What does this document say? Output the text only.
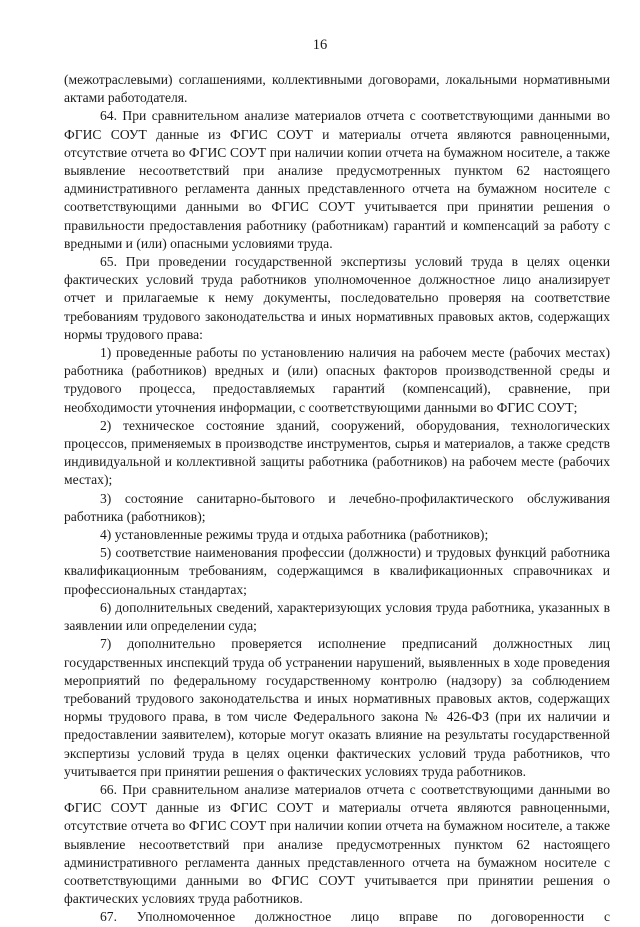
16

(межотраслевыми) соглашениями, коллективными договорами, локальными нормативными актами работодателя.

64. При сравнительном анализе материалов отчета с соответствующими данными во ФГИС СОУТ данные из ФГИС СОУТ и материалы отчета являются равноценными, отсутствие отчета во ФГИС СОУТ при наличии копии отчета на бумажном носителе, а также выявление несоответствий при анализе предусмотренных пунктом 62 настоящего административного регламента данных представленного отчета на бумажном носителе с соответствующими данными во ФГИС СОУТ учитывается при принятии решения о правильности предоставления работнику (работникам) гарантий и компенсаций за работу с вредными и (или) опасными условиями труда.

65. При проведении государственной экспертизы условий труда в целях оценки фактических условий труда работников уполномоченное должностное лицо анализирует отчет и прилагаемые к нему документы, последовательно проверяя на соответствие требованиям трудового законодательства и иных нормативных правовых актов, содержащих нормы трудового права:

1) проведенные работы по установлению наличия на рабочем месте (рабочих местах) работника (работников) вредных и (или) опасных факторов производственной среды и трудового процесса, предоставляемых гарантий (компенсаций), сравнение, при необходимости уточнения информации, с соответствующими данными во ФГИС СОУТ;

2) техническое состояние зданий, сооружений, оборудования, технологических процессов, применяемых в производстве инструментов, сырья и материалов, а также средств индивидуальной и коллективной защиты работника (работников) на рабочем месте (рабочих местах);

3) состояние санитарно-бытового и лечебно-профилактического обслуживания работника (работников);

4) установленные режимы труда и отдыха работника (работников);

5) соответствие наименования профессии (должности) и трудовых функций работника квалификационным требованиям, содержащимся в квалификационных справочниках и профессиональных стандартах;

6) дополнительных сведений, характеризующих условия труда работника, указанных в заявлении или определении суда;

7) дополнительно проверяется исполнение предписаний должностных лиц государственных инспекций труда об устранении нарушений, выявленных в ходе проведения мероприятий по федеральному государственному контролю (надзору) за соблюдением требований трудового законодательства и иных нормативных правовых актов, содержащих нормы трудового права, в том числе Федерального закона № 426-ФЗ (при их наличии и предоставлении заявителем), которые могут оказать влияние на результаты государственной экспертизы условий труда в целях оценки фактических условий труда работников, что учитывается при принятии решения о фактических условиях труда работников.

66. При сравнительном анализе материалов отчета с соответствующими данными во ФГИС СОУТ данные из ФГИС СОУТ и материалы отчета являются равноценными, отсутствие отчета во ФГИС СОУТ при наличии копии отчета на бумажном носителе, а также выявление несоответствий при анализе предусмотренных пунктом 62 настоящего административного регламента данных представленного отчета на бумажном носителе с соответствующими данными во ФГИС СОУТ учитывается при принятии решения о фактических условиях труда работников.

67. Уполномоченное должностное лицо вправе по договоренности с
